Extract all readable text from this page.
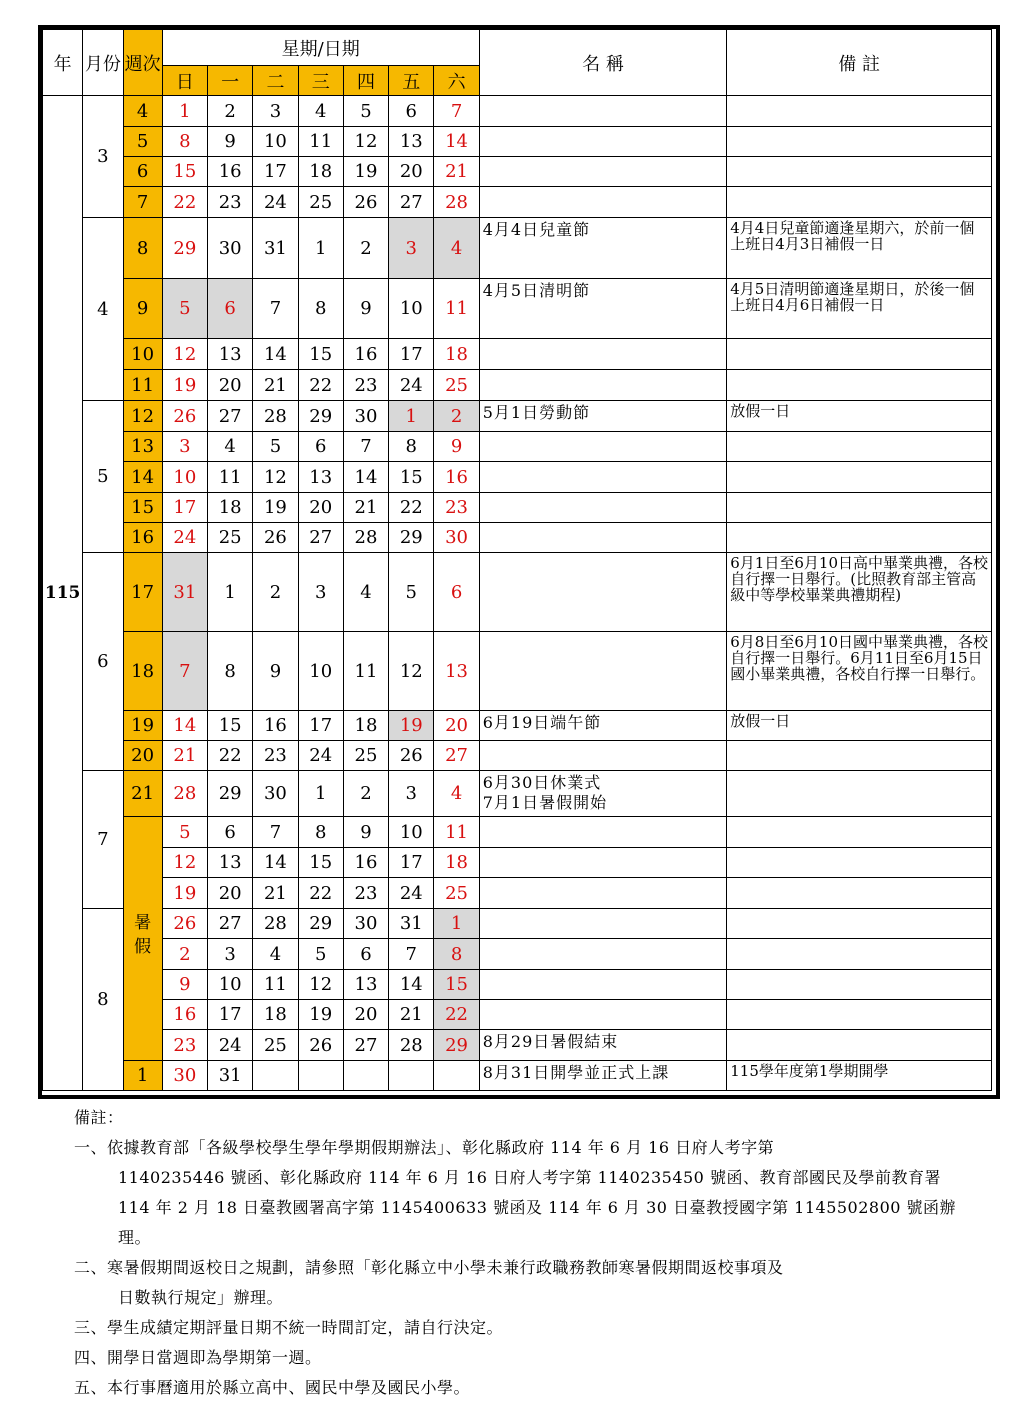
年	月份	週次	星期/日期							名 稱	備 註
			日	一	二	三	四	五	六		
115	3	4	1	2	3	4	5	6	7		
		5	8	9	10	11	12	13	14		
		6	15	16	17	18	19	20	21		
		7	22	23	24	25	26	27	28		
	4	8	29	30	31	1	2	3	4	4月4日兒童節	4月4日兒童節適逢星期六，於前一個上班日4月3日補假一日
		9	5	6	7	8	9	10	11	4月5日清明節	4月5日清明節適逢星期日，於後一個上班日4月6日補假一日
		10	12	13	14	15	16	17	18		
		11	19	20	21	22	23	24	25		
	5	12	26	27	28	29	30	1	2	5月1日勞動節	放假一日
		13	3	4	5	6	7	8	9		
		14	10	11	12	13	14	15	16		
		15	17	18	19	20	21	22	23		
		16	24	25	26	27	28	29	30		
	6	17	31	1	2	3	4	5	6		6月1日至6月10日高中畢業典禮，各校自行擇一日舉行。(比照教育部主管高級中等學校畢業典禮期程)
		18	7	8	9	10	11	12	13		6月8日至6月10日國中畢業典禮，各校自行擇一日舉行。6月11日至6月15日國小畢業典禮，各校自行擇一日舉行。
		19	14	15	16	17	18	19	20	6月19日端午節	放假一日
		20	21	22	23	24	25	26	27		
	7	21	28	29	30	1	2	3	4	6月30日休業式
7月1日暑假開始	

		暑假	5	6	7	8	9	10	11		
			12	13	14	15	16	17	18		
			19	20	21	22	23	24	25		
	8		26	27	28	29	30	31	1		
			2	3	4	5	6	7	8		
			9	10	11	12	13	14	15		
			16	17	18	19	20	21	22		
			23	24	25	26	27	28	29	8月29日暑假結束	
		1	30	31						8月31日開學並正式上課	115學年度第1學期開學

備註：

一、依據教育部「各級學校學生學年學期假期辦法」、彰化縣政府 114 年 6 月 16 日府人考字第
1140235446 號函、彰化縣政府 114 年 6 月 16 日府人考字第 1140235450 號函、教育部國民及學前教育署 114 年 2 月 18 日臺教國署高字第 1145400633 號函及 114 年 6 月 30 日臺教授國字第 1145502800 號函辦理。
二、寒暑假期間返校日之規劃，請參照「彰化縣立中小學未兼行政職務教師寒暑假期間返校事項及
日數執行規定」辦理。
三、學生成績定期評量日期不統一時間訂定，請自行決定。
四、開學日當週即為學期第一週。
五、本行事曆適用於縣立高中、國民中學及國民小學。
